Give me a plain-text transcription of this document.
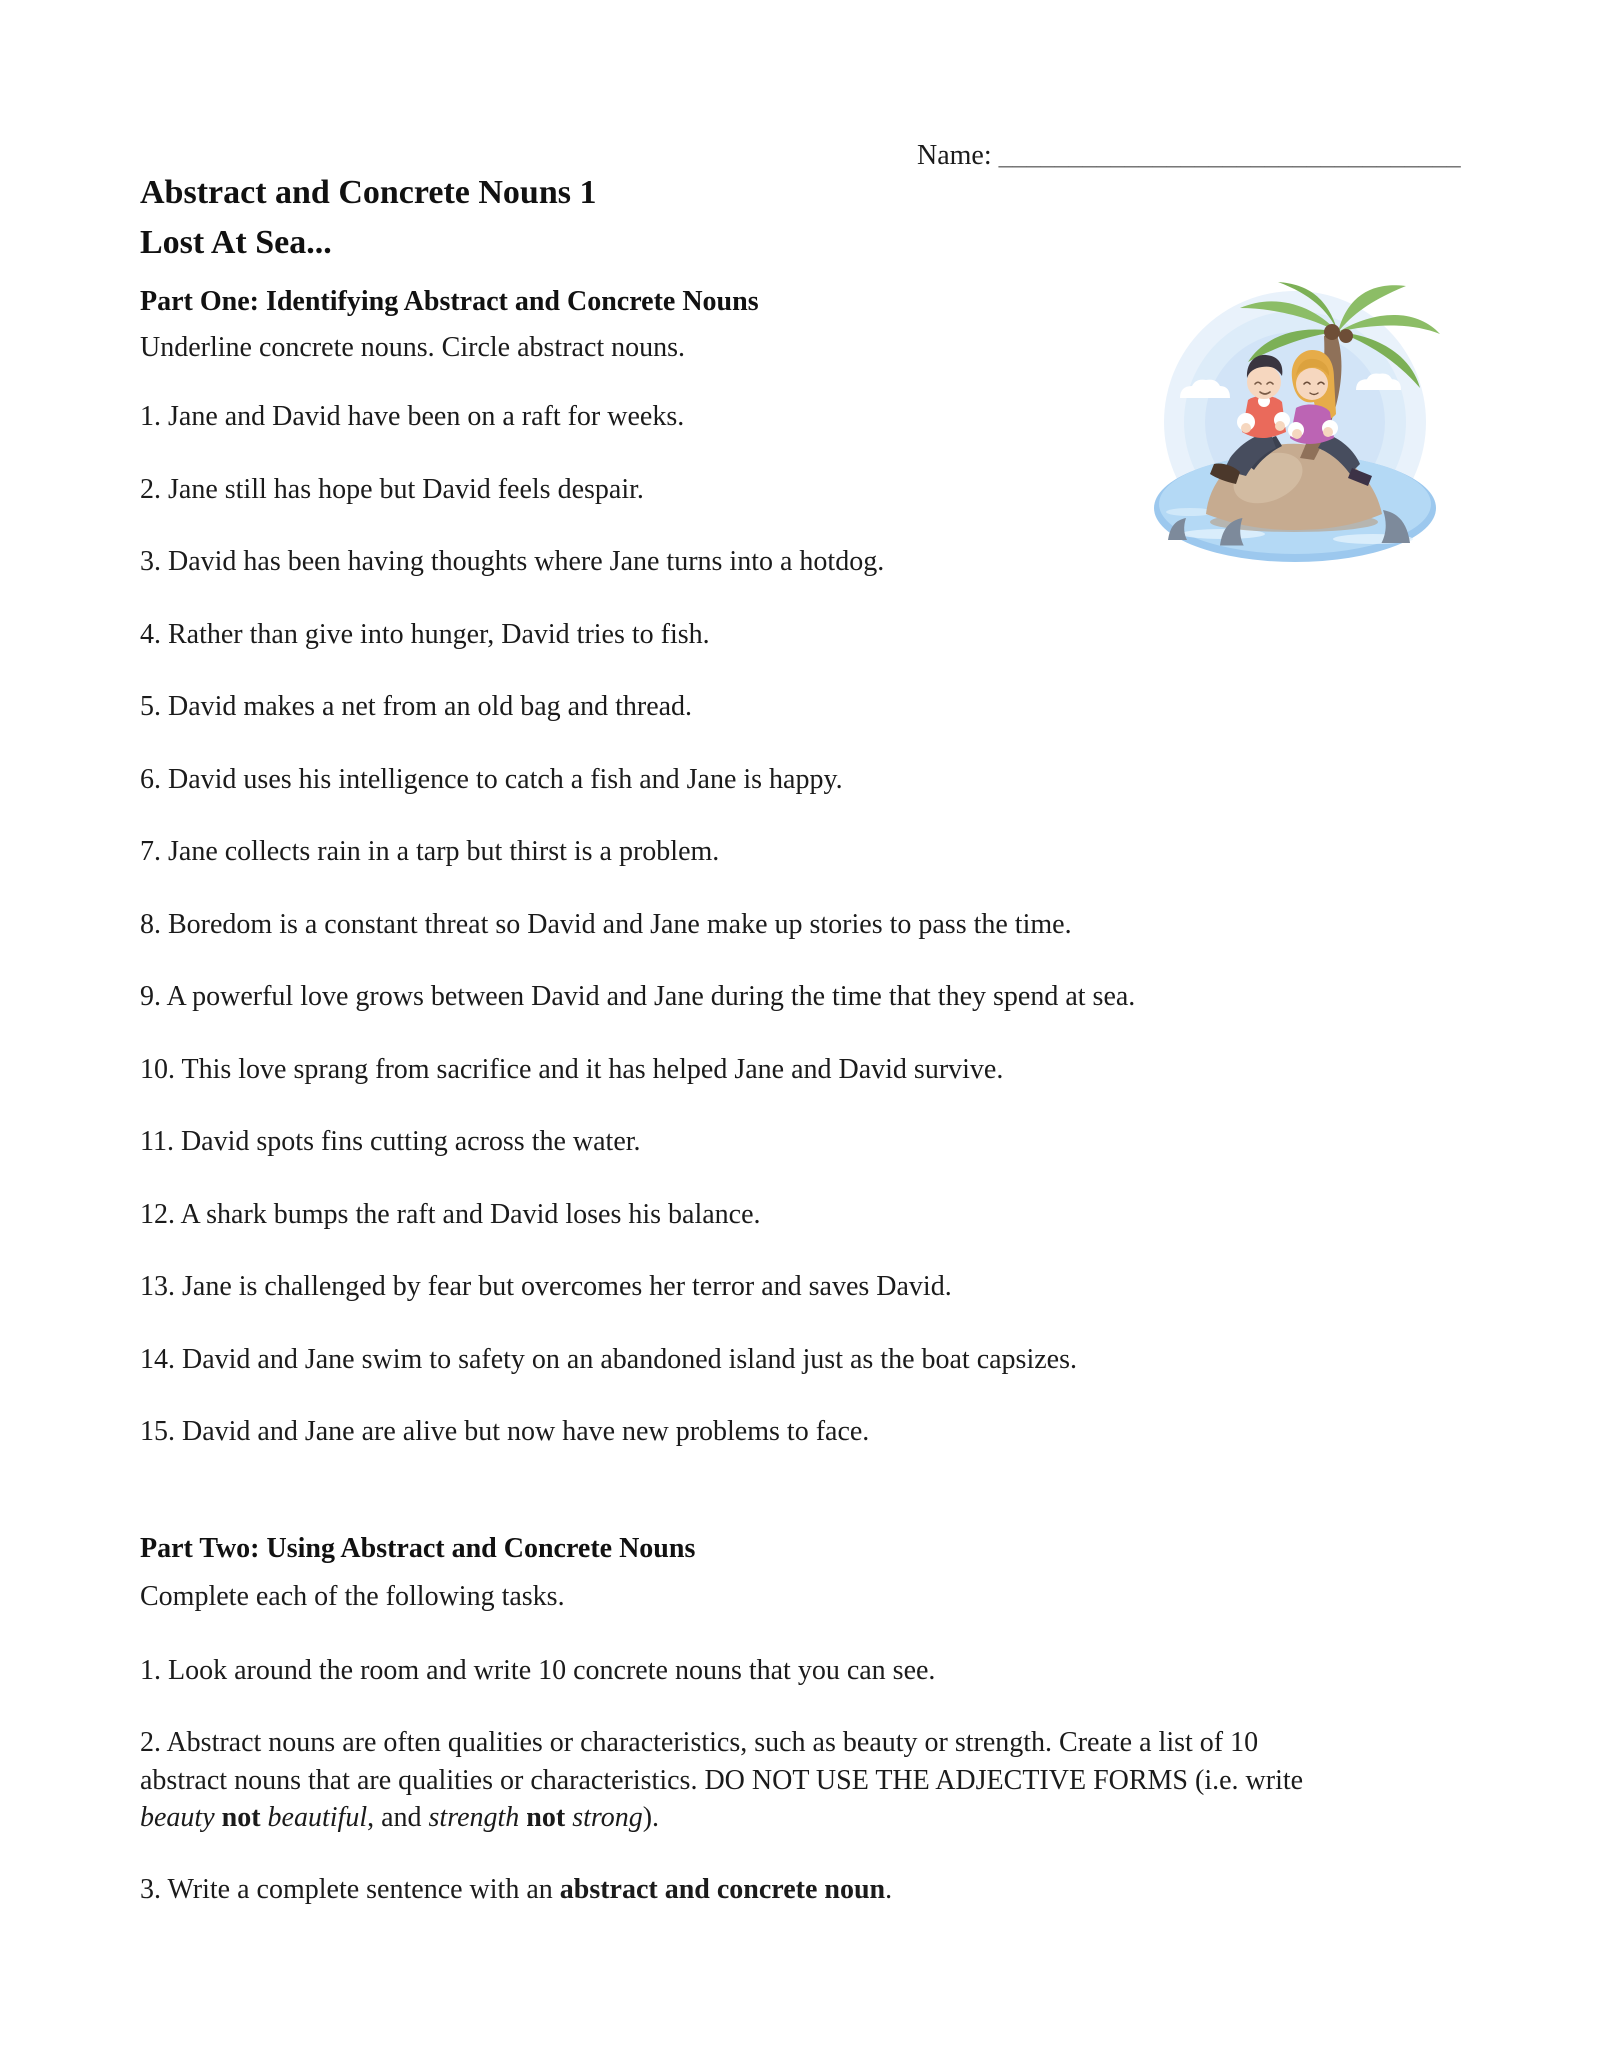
Name: _________________________________
Abstract and Concrete Nouns 1
Lost At Sea...
Part One: Identifying Abstract and Concrete Nouns
Underline concrete nouns. Circle abstract nouns.

1. Jane and David have been on a raft for weeks.

2. Jane still has hope but David feels despair.

3. David has been having thoughts where Jane turns into a hotdog.

4. Rather than give into hunger, David tries to fish.

5. David makes a net from an old bag and thread.

6. David uses his intelligence to catch a fish and Jane is happy.

7. Jane collects rain in a tarp but thirst is a problem.

8. Boredom is a constant threat so David and Jane make up stories to pass the time.

9. A powerful love grows between David and Jane during the time that they spend at sea.

10. This love sprang from sacrifice and it has helped Jane and David survive.

11. David spots fins cutting across the water.

12. A shark bumps the raft and David loses his balance.

13. Jane is challenged by fear but overcomes her terror and saves David.

14. David and Jane swim to safety on an abandoned island just as the boat capsizes.

15. David and Jane are alive but now have new problems to face.

Part Two: Using Abstract and Concrete Nouns
Complete each of the following tasks.
1. Look around the room and write 10 concrete nouns that you can see.
2. Abstract nouns are often qualities or characteristics, such as beauty or strength. Create a list of 10
abstract nouns that are qualities or characteristics. DO NOT USE THE ADJECTIVE FORMS (i.e. write
beauty not beautiful, and strength not strong).
3. Write a complete sentence with an abstract and concrete noun.
